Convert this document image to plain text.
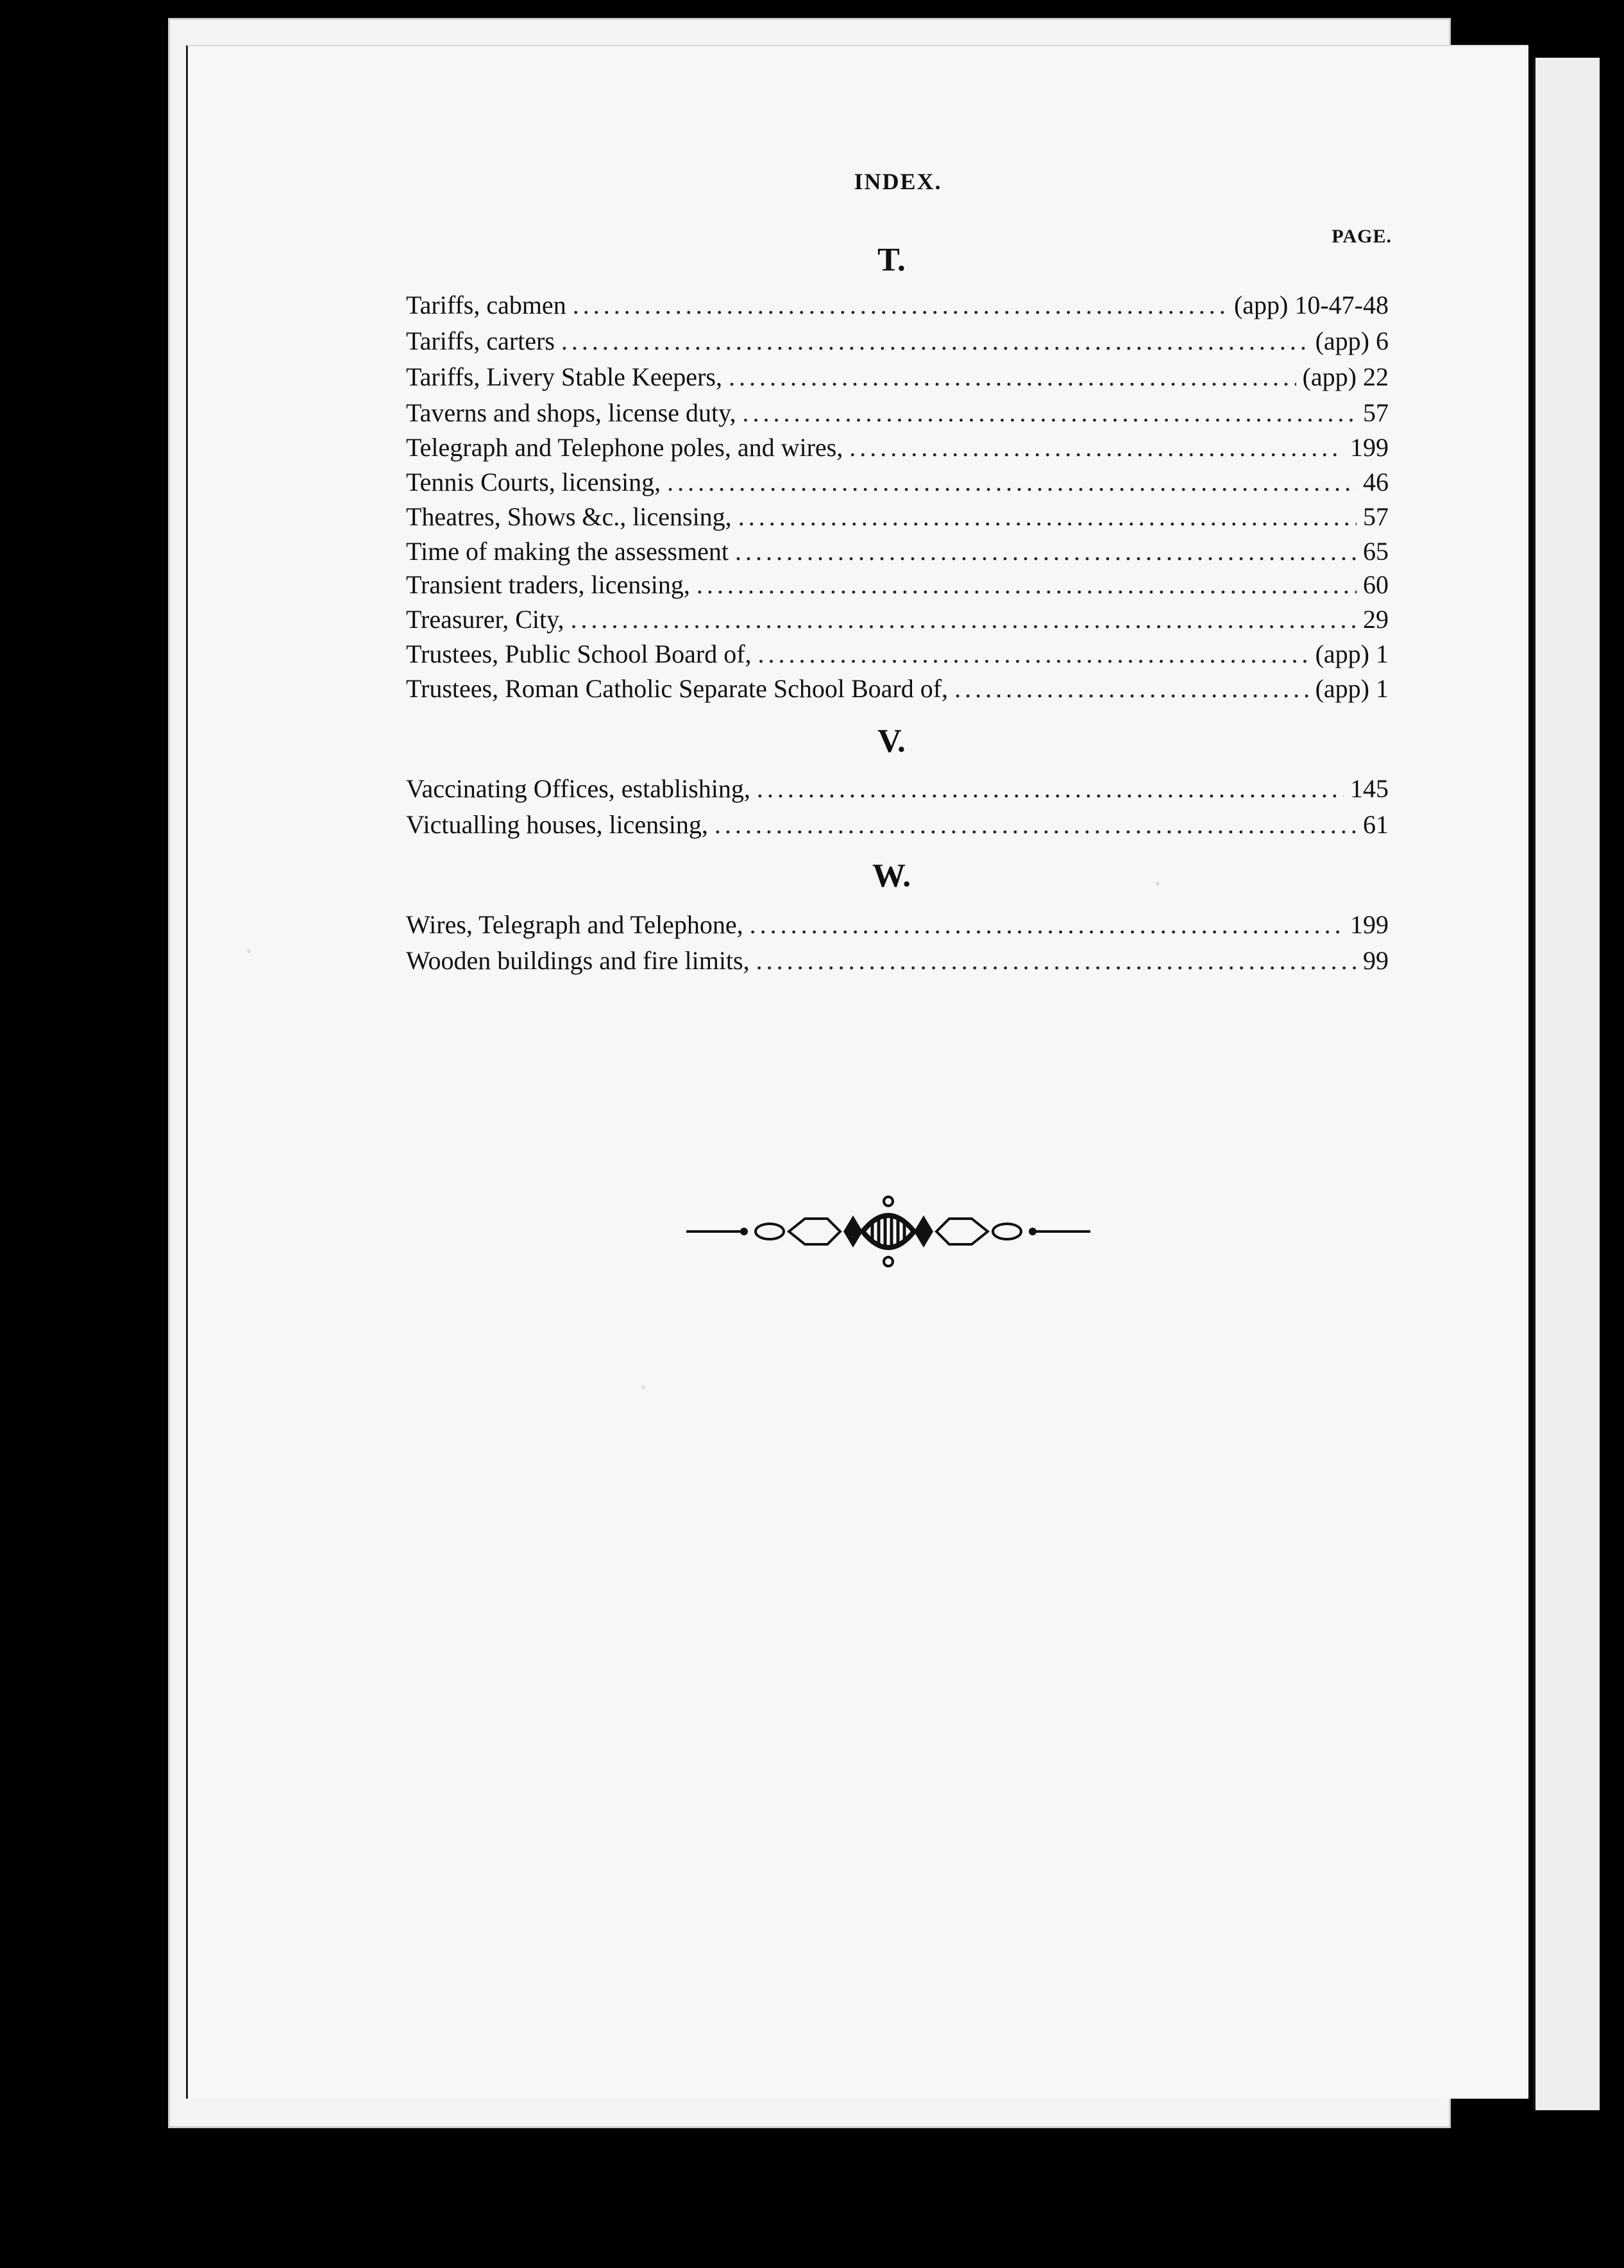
INDEX.
PAGE.
T.
Tariffs, cabmen .....	(app) 10-47-48
Tariffs, carters .....	(app) 6
Tariffs, Livery Stable Keepers, .....	(app) 22
Taverns and shops, license duty, .....	57
Telegraph and Telephone poles, and wires, .....	199
Tennis Courts, licensing, .....	46
Theatres, Shows &c., licensing, .....	57
Time of making the assessment .....	65
Transient traders, licensing, .....	60
Treasurer, City, .....	29
Trustees, Public School Board of, .....	(app) 1
Trustees, Roman Catholic Separate School Board of, .....	(app) 1
V.
Vaccinating Offices, establishing, .....	145
Victualling houses, licensing, .....	61
W.
Wires, Telegraph and Telephone, .....	199
Wooden buildings and fire limits, .....	99
